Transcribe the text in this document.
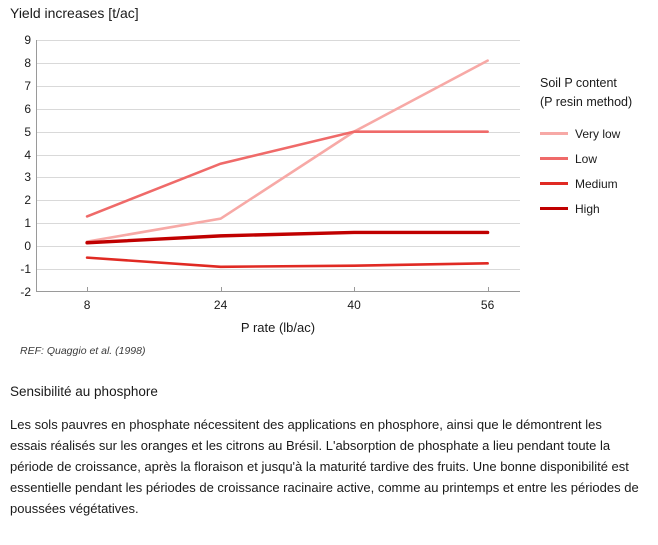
Yield increases [t/ac]
9
8
7
6
5
4
3
2
1
0
-1
-2
8	24	40	56
P rate (lb/ac)
Soil P content
(P resin method)
Very low
Low
Medium
High
REF: Quaggio et al. (1998)
Sensibilité au phosphore
Les sols pauvres en phosphate nécessitent des applications en phosphore, ainsi que le démontrent les essais réalisés sur les oranges et les citrons au Brésil. L'absorption de phosphate a lieu pendant toute la période de croissance, après la floraison et jusqu'à la maturité tardive des fruits. Une bonne disponibilité est essentielle pendant les périodes de croissance racinaire active, comme au printemps et entre les périodes de poussées végétatives.
